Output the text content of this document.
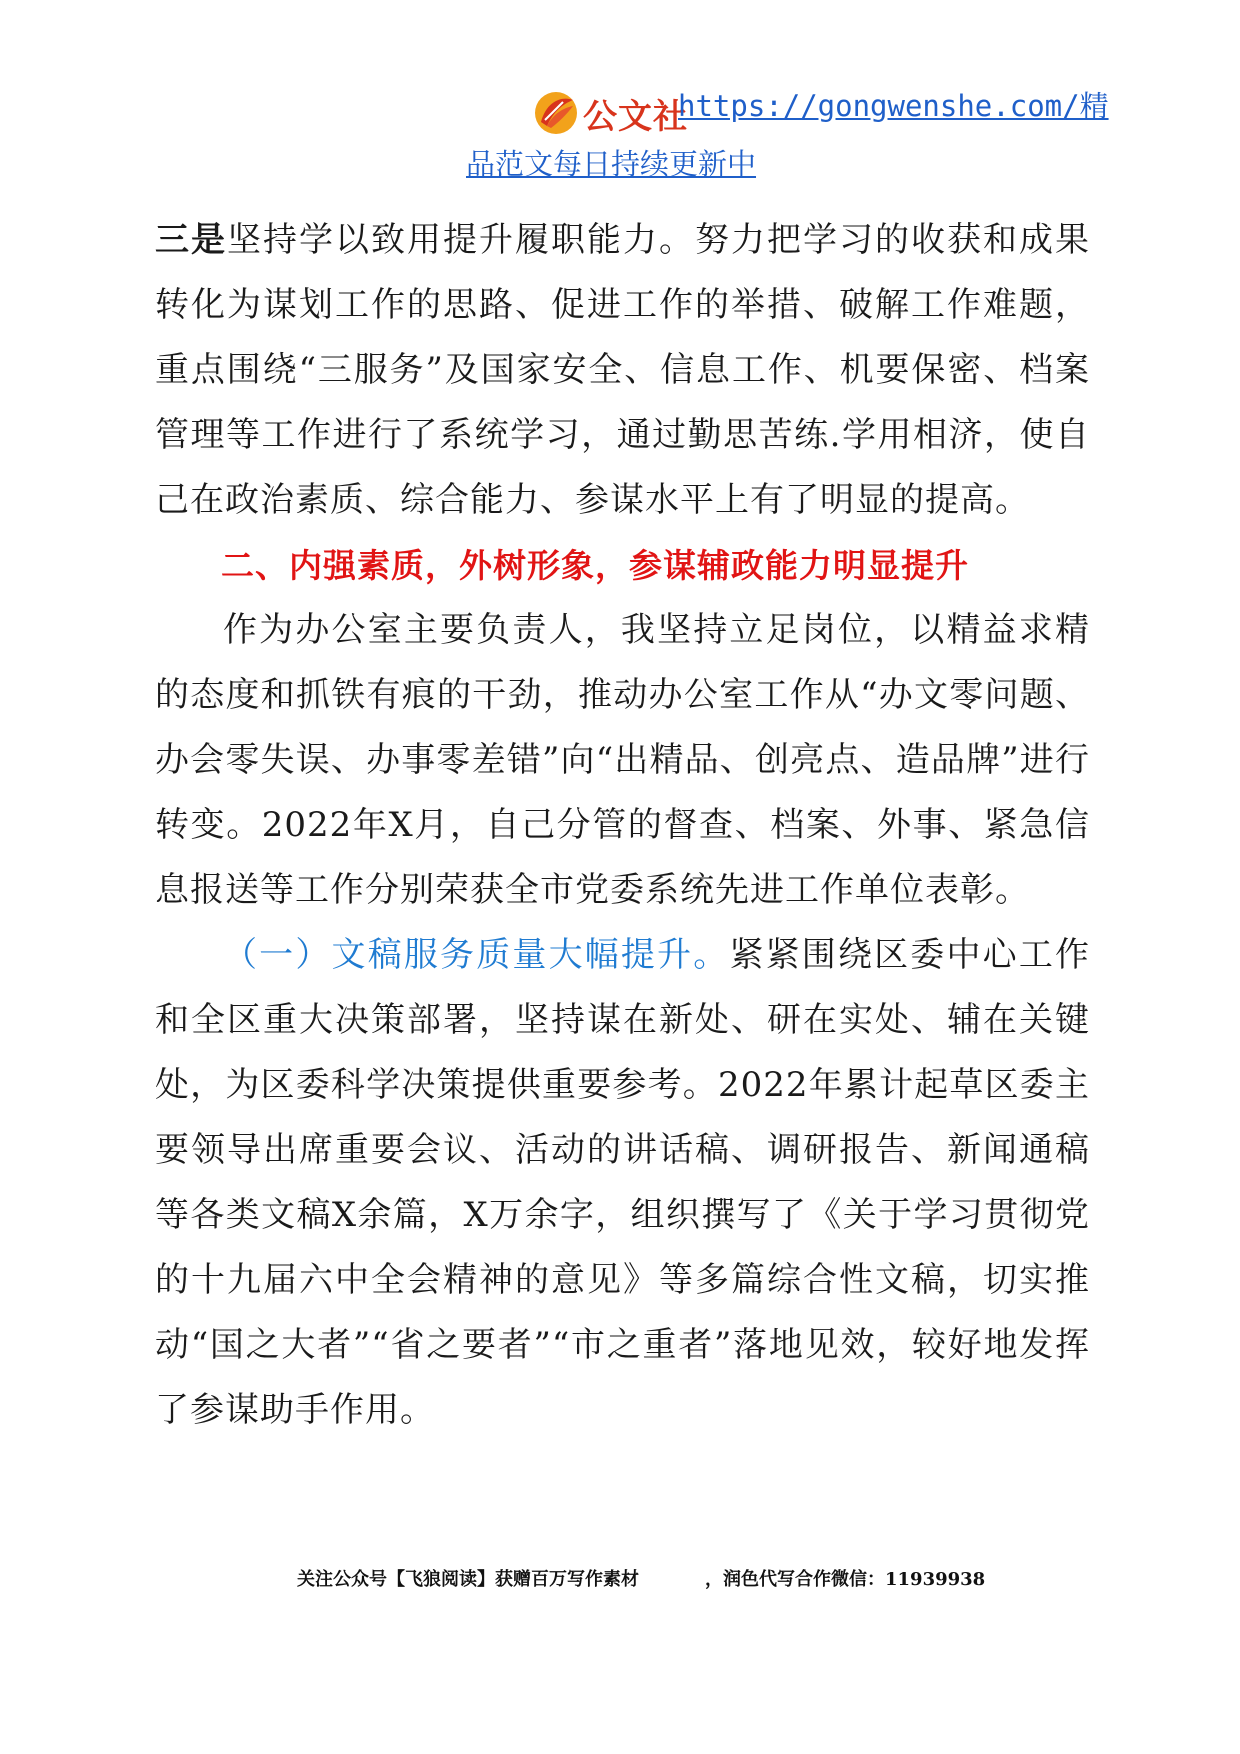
公文社
https://gongwenshe.com/精
品范文每日持续更新中

三是坚持学以致用提升履职能力。努力把学习的收获和成果转化为谋划工作的思路、促进工作的举措、破解工作难题，重点围绕“三服务”及国家安全、信息工作、机要保密、档案管理等工作进行了系统学习，通过勤思苦练.学用相济，使自己在政治素质、综合能力、参谋水平上有了明显的提高。

二、内强素质，外树形象，参谋辅政能力明显提升

作为办公室主要负责人，我坚持立足岗位，以精益求精的态度和抓铁有痕的干劲，推动办公室工作从“办文零问题、办会零失误、办事零差错”向“出精品、创亮点、造品牌”进行转变。2022年X月，自己分管的督查、档案、外事、紧急信息报送等工作分别荣获全市党委系统先进工作单位表彰。

（一）文稿服务质量大幅提升。紧紧围绕区委中心工作和全区重大决策部署，坚持谋在新处、研在实处、辅在关键处，为区委科学决策提供重要参考。2022年累计起草区委主要领导出席重要会议、活动的讲话稿、调研报告、新闻通稿等各类文稿X余篇，X万余字，组织撰写了《关于学习贯彻党的十九届六中全会精神的意见》等多篇综合性文稿，切实推动“国之大者”“省之要者”“市之重者”落地见效，较好地发挥了参谋助手作用。

关注公众号【飞狼阅读】获赠百万写作素材	，润色代写合作微信：11939938
